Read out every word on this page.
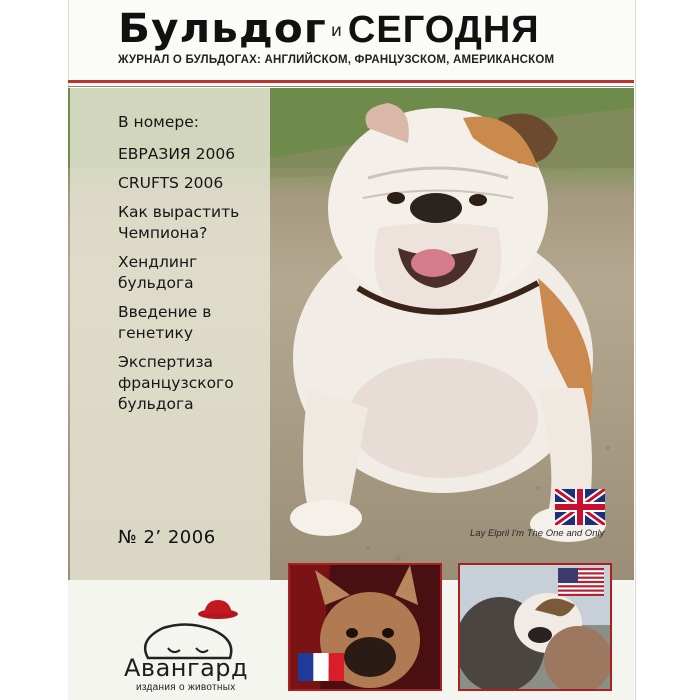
Бульдог и СЕГОДНЯ
ЖУРНАЛ О БУЛЬДОГАХ: АНГЛИЙСКОМ, ФРАНЦУЗСКОМ, АМЕРИКАНСКОМ
В номере:
ЕВРАЗИЯ 2006
CRUFTS 2006
Как вырастить Чемпиона?
Хендлинг бульдога
Введение в генетику
Экспертиза французского бульдога
№ 2’ 2006	Lay Elpril I'm The One and Only
Авангард
издания о животных
